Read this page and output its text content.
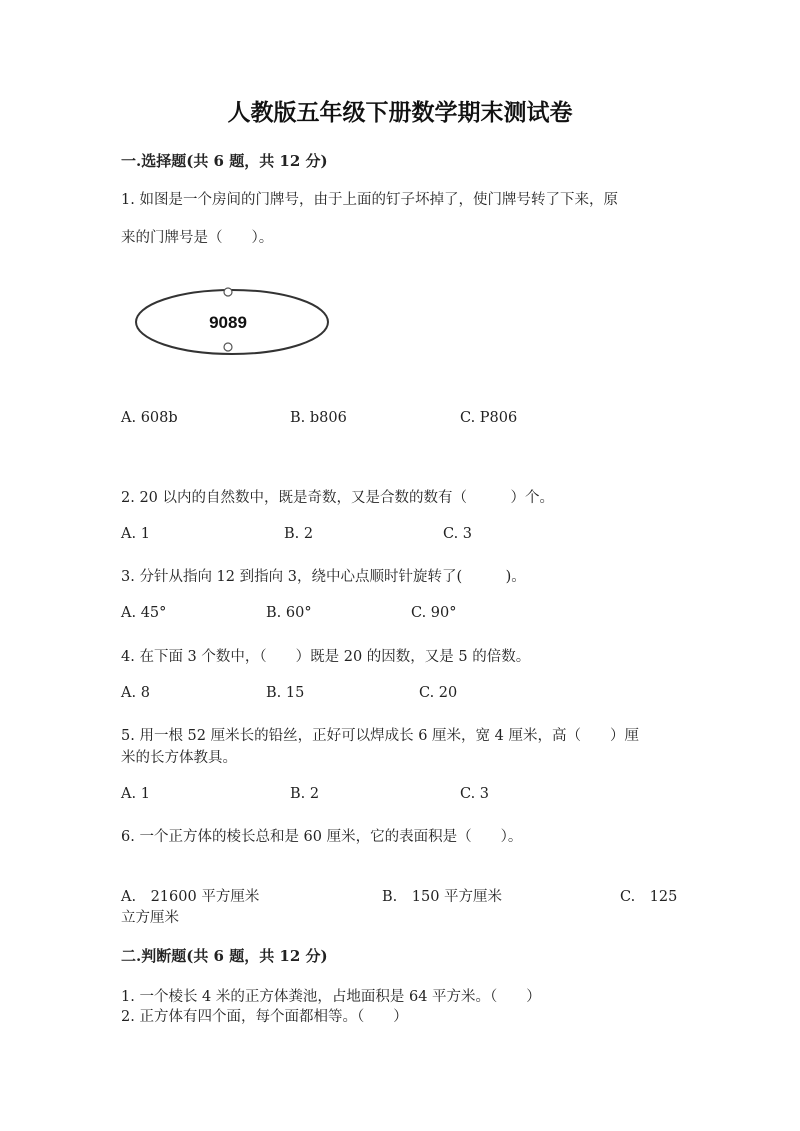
人教版五年级下册数学期末测试卷
一.选择题(共 6 题，共 12 分)
1. 如图是一个房间的门牌号，由于上面的钉子坏掉了，使门牌号转了下来，原
来的门牌号是（　　）。
9089
A. 608b	B. b806	C. P806
2. 20 以内的自然数中，既是奇数，又是合数的数有（　　　）个。
A. 1	B. 2	C. 3
3. 分针从指向 12 到指向 3，绕中心点顺时针旋转了(　　　)。
A. 45°	B. 60°	C. 90°
4. 在下面 3 个数中，（　　）既是 20 的因数，又是 5 的倍数。
A. 8	B. 15	C. 20
5. 用一根 52 厘米长的铅丝，正好可以焊成长 6 厘米，宽 4 厘米，高（　　）厘
米的长方体教具。
A. 1	B. 2	C. 3
6. 一个正方体的棱长总和是 60 厘米，它的表面积是（　　）。
A.　21600 平方厘米	B.　150 平方厘米	C.　125
立方厘米
二.判断题(共 6 题，共 12 分)
1. 一个棱长 4 米的正方体粪池，占地面积是 64 平方米。（　　）
2. 正方体有四个面，每个面都相等。（　　）
